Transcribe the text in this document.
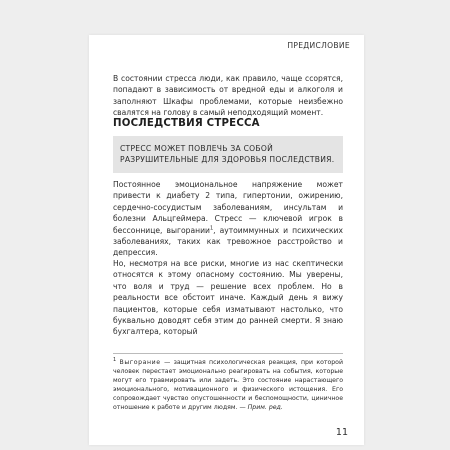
ПРЕДИСЛОВИЕ

В состоянии стресса люди, как правило, чаще ссорятся, попадают в зависимость от вредной еды и алкоголя и заполняют Шкафы проблемами, которые неизбежно свалятся на голову в самый неподходящий момент.

ПОСЛЕДСТВИЯ СТРЕССА

СТРЕСС МОЖЕТ ПОВЛЕЧЬ ЗА СОБОЙ РАЗРУШИТЕЛЬНЫЕ ДЛЯ ЗДОРОВЬЯ ПОСЛЕДСТВИЯ.

Постоянное эмоциональное напряжение может привести к диабету 2 типа, гипертонии, ожирению, сердечно-сосудистым заболеваниям, инсультам и болезни Альцгеймера. Стресс — ключевой игрок в бессоннице, выгорании$^1$, аутоиммунных и психических заболеваниях, таких как тревожное расстройство и депрессия.

Но, несмотря на все риски, многие из нас скептически относятся к этому опасному состоянию. Мы уверены, что воля и труд — решение всех проблем. Но в реальности все обстоит иначе. Каждый день я вижу пациентов, которые себя изматывают настолько, что буквально доводят себя этим до ранней смерти. Я знаю бухгалтера, который

$^1$ Выгорание — защитная психологическая реакция, при которой человек перестает эмоционально реагировать на события, которые могут его травмировать или задеть. Это состояние нарастающего эмоционального, мотивационного и физического истощения. Его сопровождает чувство опустошенности и беспомощности, циничное отношение к работе и другим людям. — Прим. ред.

11
